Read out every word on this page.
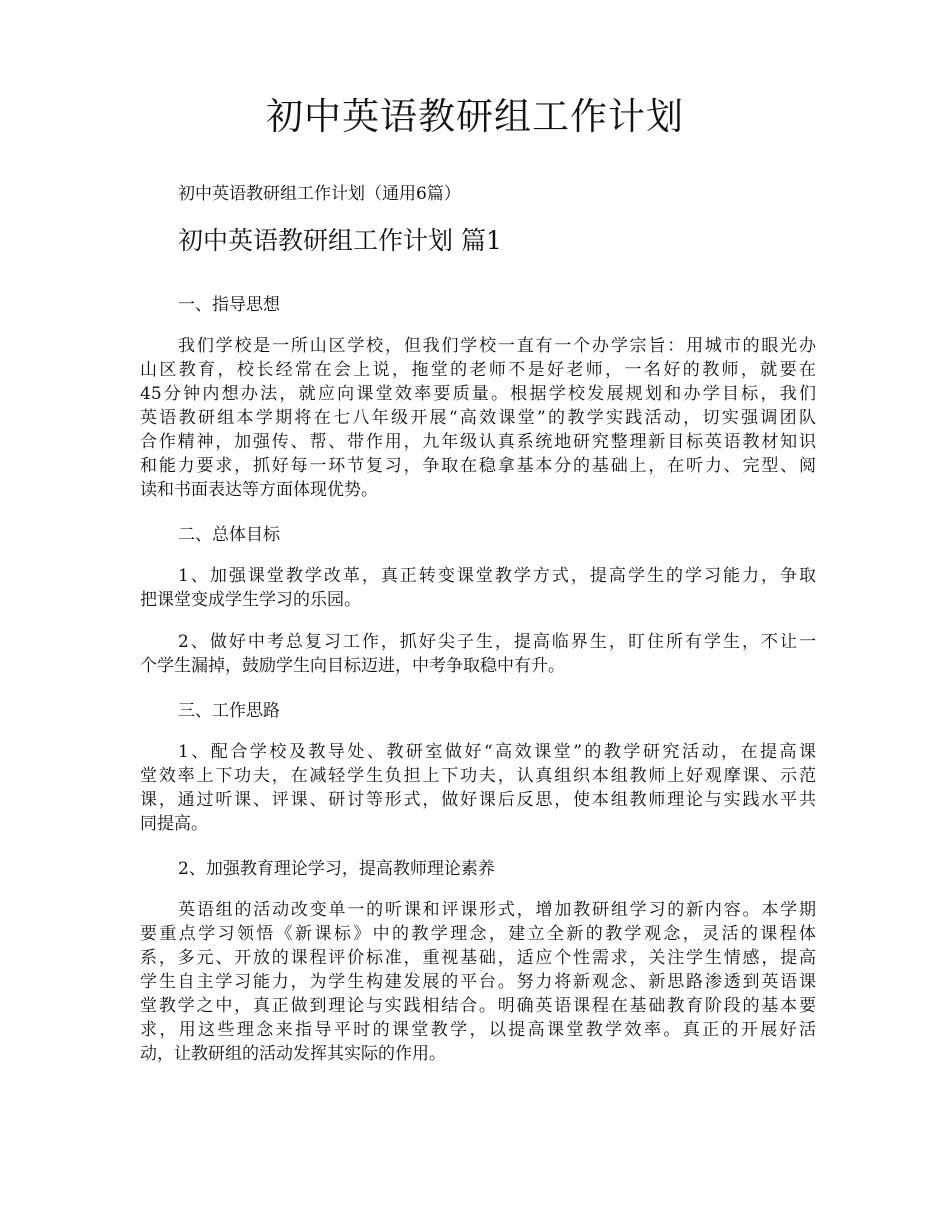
初中英语教研组工作计划
初中英语教研组工作计划（通用6篇）
初中英语教研组工作计划 篇1
一、指导思想
我们学校是一所山区学校，但我们学校一直有一个办学宗旨：用城市的眼光办
山区教育，校长经常在会上说，拖堂的老师不是好老师，一名好的教师，就要在
45分钟内想办法，就应向课堂效率要质量。根据学校发展规划和办学目标，我们
英语教研组本学期将在七八年级开展“高效课堂”的教学实践活动，切实强调团队
合作精神，加强传、帮、带作用，九年级认真系统地研究整理新目标英语教材知识
和能力要求，抓好每一环节复习，争取在稳拿基本分的基础上，在听力、完型、阅
读和书面表达等方面体现优势。
二、总体目标
1、加强课堂教学改革，真正转变课堂教学方式，提高学生的学习能力，争取
把课堂变成学生学习的乐园。
2、做好中考总复习工作，抓好尖子生，提高临界生，盯住所有学生，不让一
个学生漏掉，鼓励学生向目标迈进，中考争取稳中有升。
三、工作思路
1、配合学校及教导处、教研室做好“高效课堂”的教学研究活动，在提高课
堂效率上下功夫，在减轻学生负担上下功夫，认真组织本组教师上好观摩课、示范
课，通过听课、评课、研讨等形式，做好课后反思，使本组教师理论与实践水平共
同提高。
2、加强教育理论学习，提高教师理论素养
英语组的活动改变单一的听课和评课形式，增加教研组学习的新内容。本学期
要重点学习领悟《新课标》中的教学理念，建立全新的教学观念，灵活的课程体
系，多元、开放的课程评价标准，重视基础，适应个性需求，关注学生情感，提高
学生自主学习能力，为学生构建发展的平台。努力将新观念、新思路渗透到英语课
堂教学之中，真正做到理论与实践相结合。明确英语课程在基础教育阶段的基本要
求，用这些理念来指导平时的课堂教学，以提高课堂教学效率。真正的开展好活
动，让教研组的活动发挥其实际的作用。
